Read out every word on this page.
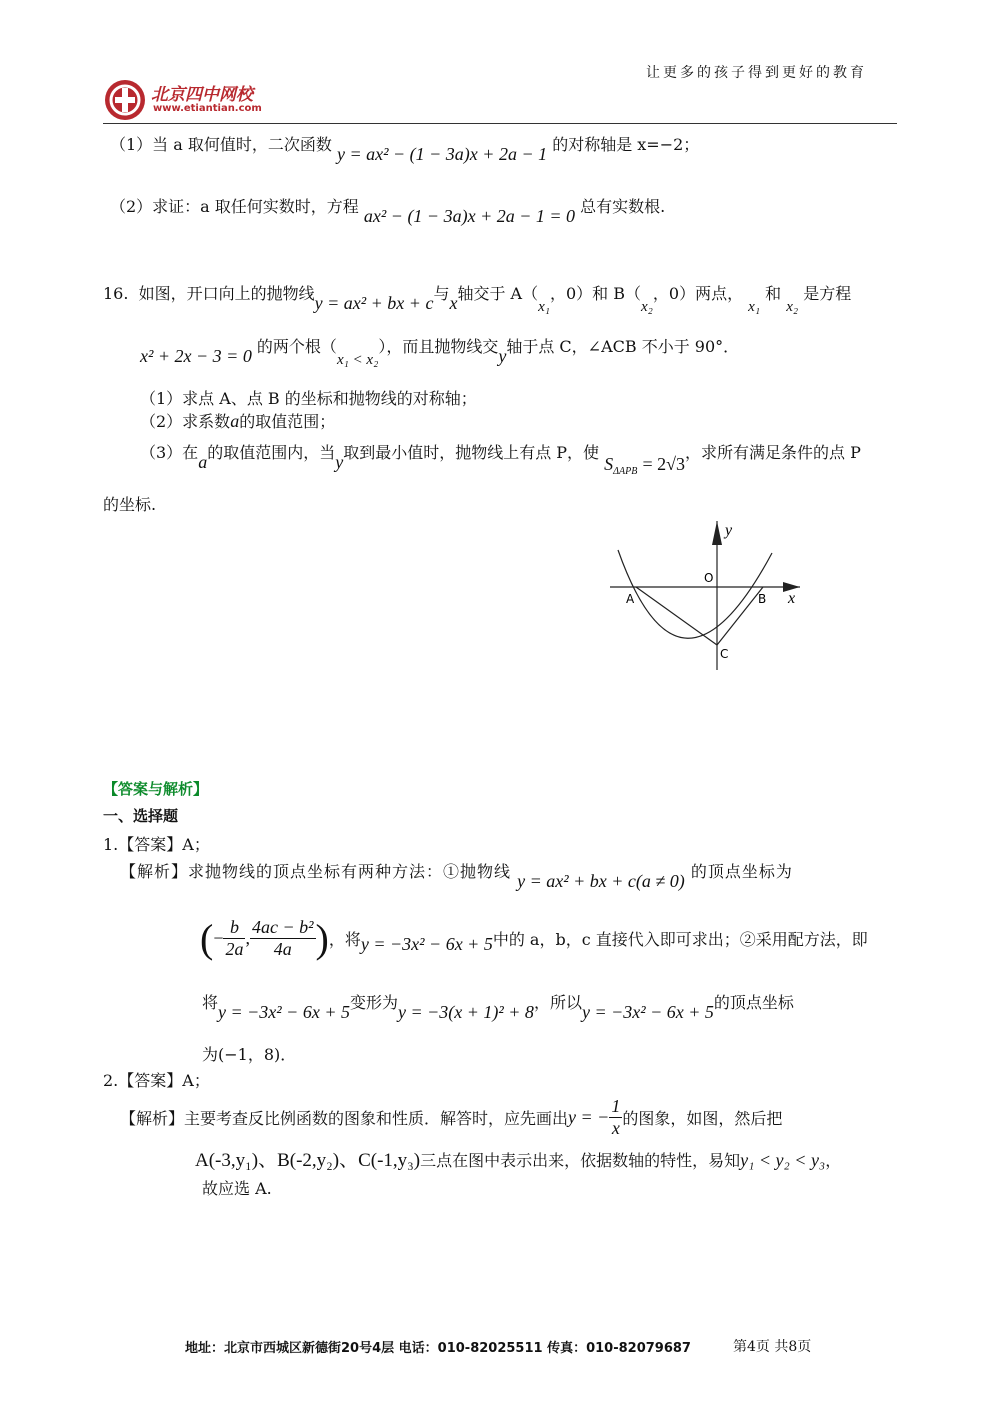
让更多的孩子得到更好的教育
北京四中网校
www.etiantian.com
（1）当 a 取何值时，二次函数 y = ax² − (1 − 3a)x + 2a − 1 的对称轴是 x=−2；
（2）求证：a 取任何实数时，方程 ax² − (1 − 3a)x + 2a − 1 = 0 总有实数根.
16. 如图，开口向上的抛物线y = ax² + bx + c与x轴交于 A（x₁，0）和 B（x₂，0）两点， x₁ 和 x₂ 是方程
x² + 2x − 3 = 0 的两个根（x₁ < x₂），而且抛物线交y轴于点 C，∠ACB 不小于 90°．
（1）求点 A、点 B 的坐标和抛物线的对称轴；
（2）求系数a的取值范围；
（3）在a的取值范围内，当y取到最小值时，抛物线上有点 P，使 $S_{\Delta APB} = 2√3$，求所有满足条件的点 P
的坐标.
y
x
O
A	B
C
【答案与解析】
一、选择题
1.【答案】A；
【解析】求抛物线的顶点坐标有两种方法：①抛物线 y = ax² + bx + c(a ≠ 0) 的顶点坐标为
(− $\frac{b}{2a}$ , $\frac{\text{4ac − b²}}{4a}$ )，将y = −3x² − 6x + 5中的 a，b，c 直接代入即可求出；②采用配方法，即
将y = −3x² − 6x + 5变形为y = −3(x + 1)² + 8，所以y = −3x² − 6x + 5的顶点坐标
为(−1，8)．
2.【答案】A；
【解析】主要考查反比例函数的图象和性质．解答时，应先画出y = − $\frac{1}{x}$ 的图象，如图，然后把
A(-3,y₁)、B(-2,y₂)、C(-1,y₃)三点在图中表示出来，依据数轴的特性，易知y₁ < y₂ < y₃，
故应选 A.
地址：北京市西城区新德街20号4层 电话：010-82025511 传真：010-82079687	第4页 共8页
